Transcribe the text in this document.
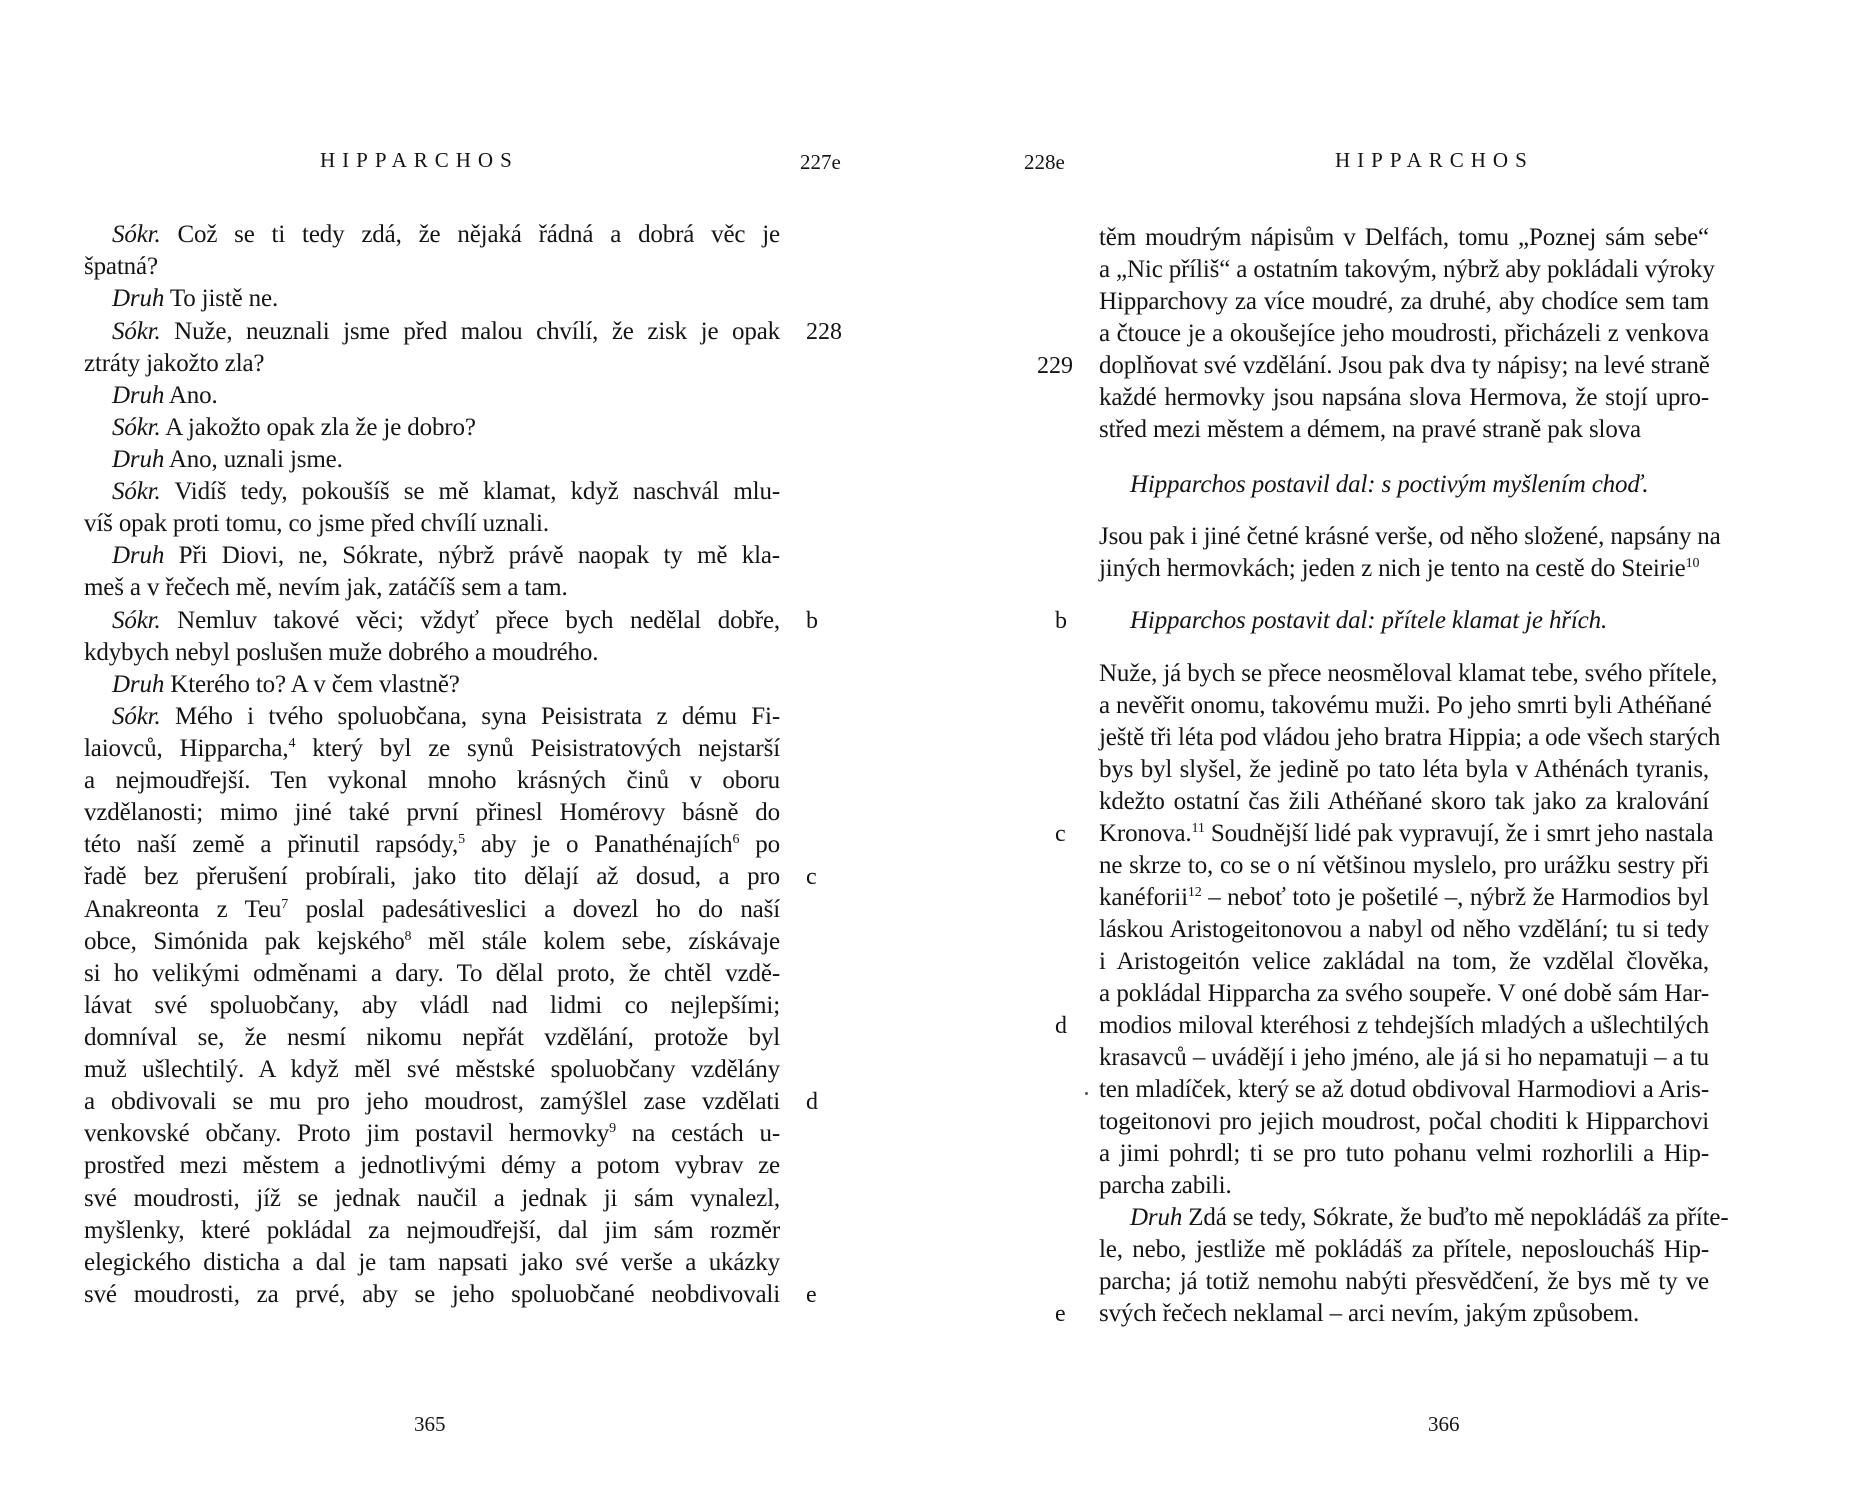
HIPPARCHOS	227e
Sókr. Což se ti tedy zdá, že nějaká řádná a dobrá věc je
špatná?
Druh To jistě ne.
Sókr. Nuže, neuznali jsme před malou chvílí, že zisk je opak
ztráty jakožto zla?
Druh Ano.
Sókr. A jakožto opak zla že je dobro?
Druh Ano, uznali jsme.
Sókr. Vidíš tedy, pokoušíš se mě klamat, když naschvál mlu-
víš opak proti tomu, co jsme před chvílí uznali.
Druh Při Diovi, ne, Sókrate, nýbrž právě naopak ty mě kla-
meš a v řečech mě, nevím jak, zatáčíš sem a tam.
Sókr. Nemluv takové věci; vždyť přece bych nedělal dobře,
kdybych nebyl poslušen muže dobrého a moudrého.
Druh Kterého to? A v čem vlastně?
Sókr. Mého i tvého spoluobčana, syna Peisistrata z dému Fi-
laiovců, Hipparcha,$^4$ který byl ze synů Peisistratových nejstarší
a nejmoudřejší. Ten vykonal mnoho krásných činů v oboru
vzdělanosti; mimo jiné také první přinesl Homérovy básně do
této naší země a přinutil rapsódy,$^5$ aby je o Panathénajích$^6$ po
řadě bez přerušení probírali, jako tito dělají až dosud, a pro
Anakreonta z Teu$^7$ poslal padesátiveslici a dovezl ho do naší
obce, Simónida pak kejského$^8$ měl stále kolem sebe, získávaje
si ho velikými odměnami a dary. To dělal proto, že chtěl vzdě-
lávat své spoluobčany, aby vládl nad lidmi co nejlepšími;
domníval se, že nesmí nikomu nepřát vzdělání, protože byl
muž ušlechtilý. A když měl své městské spoluobčany vzdělány
a obdivovali se mu pro jeho moudrost, zamýšlel zase vzdělati
venkovské občany. Proto jim postavil hermovky$^9$ na cestách u-
prostřed mezi městem a jednotlivými démy a potom vybrav ze
své moudrosti, jíž se jednak naučil a jednak ji sám vynalezl,
myšlenky, které pokládal za nejmoudřejší, dal jim sám rozměr
elegického disticha a dal je tam napsati jako své verše a ukázky
své moudrosti, za prvé, aby se jeho spoluobčané neobdivovali
228
b
c
d
e
365
228e	HIPPARCHOS
těm moudrým nápisům v Delfách, tomu „Poznej sám sebe“
a „Nic příliš“ a ostatním takovým, nýbrž aby pokládali výroky
Hipparchovy za více moudré, za druhé, aby chodíce sem tam
a čtouce je a okoušejíce jeho moudrosti, přicházeli z venkova
doplňovat své vzdělání. Jsou pak dva ty nápisy; na levé straně
každé hermovky jsou napsána slova Hermova, že stojí upro-
střed mezi městem a démem, na pravé straně pak slova
Hipparchos postavil dal: s poctivým myšlením choď.
Jsou pak i jiné četné krásné verše, od něho složené, napsány na
jiných hermovkách; jeden z nich je tento na cestě do Steirie$^{10}$
Hipparchos postavit dal: přítele klamat je hřích.
Nuže, já bych se přece neosměloval klamat tebe, svého přítele,
a nevěřit onomu, takovému muži. Po jeho smrti byli Athéňané
ještě tři léta pod vládou jeho bratra Hippia; a ode všech starých
bys byl slyšel, že jedině po tato léta byla v Athénách tyranis,
kdežto ostatní čas žili Athéňané skoro tak jako za kralování
Kronova.$^{11}$ Soudnější lidé pak vypravují, že i smrt jeho nastala
ne skrze to, co se o ní většinou myslelo, pro urážku sestry při
kanéforii$^{12}$ – neboť toto je pošetilé –, nýbrž že Harmodios byl
láskou Aristogeitonovou a nabyl od něho vzdělání; tu si tedy
i Aristogeitón velice zakládal na tom, že vzdělal člověka,
a pokládal Hipparcha za svého soupeře. V oné době sám Har-
modios miloval kteréhosi z tehdejších mladých a ušlechtilých
krasavců – uvádějí i jeho jméno, ale já si ho nepamatuji – a tu
ten mladíček, který se až dotud obdivoval Harmodiovi a Aris-
togeitonovi pro jejich moudrost, počal choditi k Hipparchovi
a jimi pohrdl; ti se pro tuto pohanu velmi rozhorlili a Hip-
parcha zabili.
Druh Zdá se tedy, Sókrate, že buďto mě nepokládáš za příte-
le, nebo, jestliže mě pokládáš za přítele, neposloucháš Hip-
parcha; já totiž nemohu nabýti přesvědčení, že bys mě ty ve
svých řečech neklamal – arci nevím, jakým způsobem.
229
b
c
d
e
366
